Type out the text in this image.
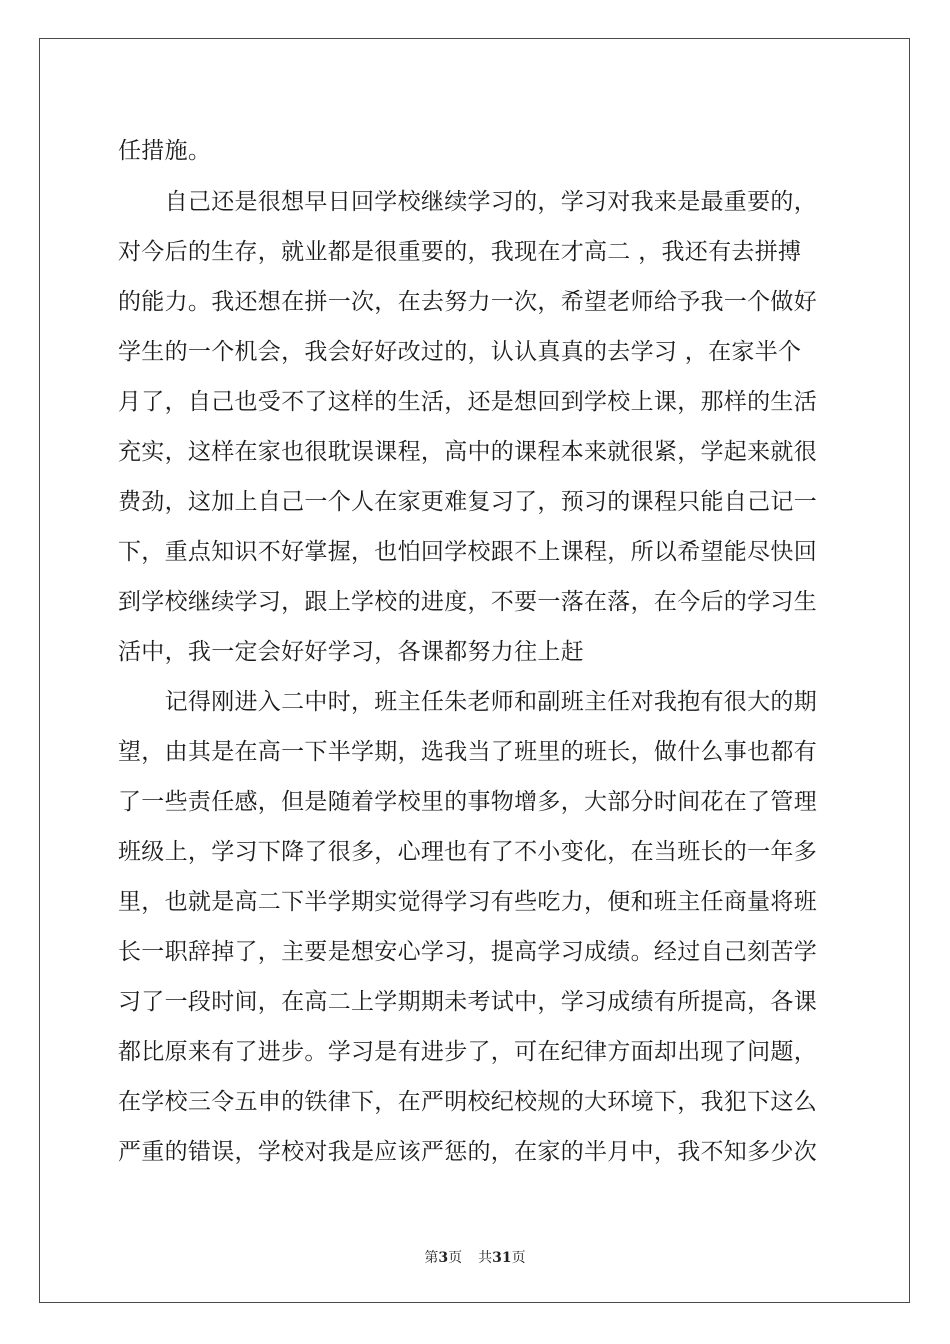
任措施。
　　自己还是很想早日回学校继续学习的，学习对我来是最重要的，
对今后的生存，就业都是很重要的，我现在才高二 ，我还有去拼搏
的能力。我还想在拼一次，在去努力一次，希望老师给予我一个做好
学生的一个机会，我会好好改过的，认认真真的去学习 ，在家半个
月了，自己也受不了这样的生活，还是想回到学校上课，那样的生活
充实，这样在家也很耽误课程，高中的课程本来就很紧，学起来就很
费劲，这加上自己一个人在家更难复习了，预习的课程只能自己记一
下，重点知识不好掌握，也怕回学校跟不上课程，所以希望能尽快回
到学校继续学习，跟上学校的进度，不要一落在落，在今后的学习生
活中，我一定会好好学习，各课都努力往上赶
　　记得刚进入二中时，班主任朱老师和副班主任对我抱有很大的期
望，由其是在高一下半学期，选我当了班里的班长，做什么事也都有
了一些责任感，但是随着学校里的事物增多，大部分时间花在了管理
班级上，学习下降了很多，心理也有了不小变化，在当班长的一年多
里，也就是高二下半学期实觉得学习有些吃力，便和班主任商量将班
长一职辞掉了，主要是想安心学习，提高学习成绩。经过自己刻苦学
习了一段时间，在高二上学期期未考试中，学习成绩有所提高，各课
都比原来有了进步。学习是有进步了，可在纪律方面却出现了问题，
在学校三令五申的铁律下，在严明校纪校规的大环境下，我犯下这么
严重的错误，学校对我是应该严惩的，在家的半月中，我不知多少次
第3页 共31页
